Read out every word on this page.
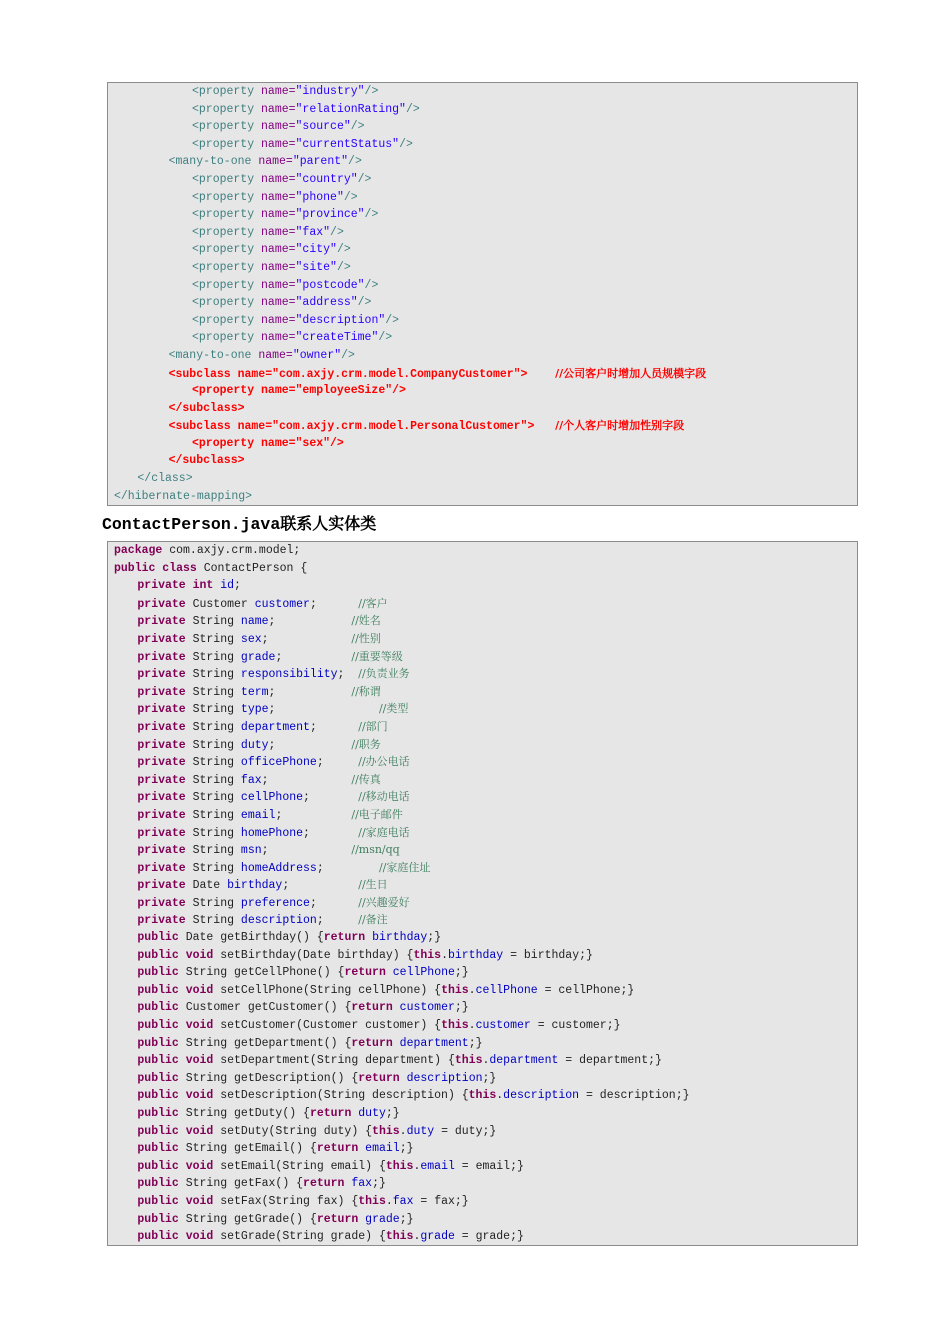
<property name="industry"/>
<property name="relationRating"/>
<property name="source"/>
<property name="currentStatus"/>
<many-to-one name="parent"/>
<property name="country"/>
<property name="phone"/>
<property name="province"/>
<property name="fax"/>
<property name="city"/>
<property name="site"/>
<property name="postcode"/>
<property name="address"/>
<property name="description"/>
<property name="createTime"/>
<many-to-one name="owner"/>
<subclass name="com.axjy.crm.model.CompanyCustomer">    //公司客户时增加人员规模字段
<property name="employeeSize"/>
</subclass>
<subclass name="com.axjy.crm.model.PersonalCustomer">   //个人客户时增加性别字段
<property name="sex"/>
</subclass>
</class>
</hibernate-mapping>
ContactPerson.java联系人实体类
package com.axjy.crm.model;
public class ContactPerson {
private int id;
private Customer customer;      //客户
private String name;           //姓名
private String sex;            //性别
private String grade;          //重要等级
private String responsibility;  //负责业务
private String term;           //称谓
private String type;               //类型
private String department;      //部门
private String duty;           //职务
private String officePhone;     //办公电话
private String fax;            //传真
private String cellPhone;       //移动电话
private String email;          //电子邮件
private String homePhone;       //家庭电话
private String msn;            //msn/qq
private String homeAddress;        //家庭住址
private Date birthday;          //生日
private String preference;      //兴趣爱好
private String description;     //备注
public Date getBirthday() {return birthday;}
public void setBirthday(Date birthday) {this.birthday = birthday;}
public String getCellPhone() {return cellPhone;}
public void setCellPhone(String cellPhone) {this.cellPhone = cellPhone;}
public Customer getCustomer() {return customer;}
public void setCustomer(Customer customer) {this.customer = customer;}
public String getDepartment() {return department;}
public void setDepartment(String department) {this.department = department;}
public String getDescription() {return description;}
public void setDescription(String description) {this.description = description;}
public String getDuty() {return duty;}
public void setDuty(String duty) {this.duty = duty;}
public String getEmail() {return email;}
public void setEmail(String email) {this.email = email;}
public String getFax() {return fax;}
public void setFax(String fax) {this.fax = fax;}
public String getGrade() {return grade;}
public void setGrade(String grade) {this.grade = grade;}
